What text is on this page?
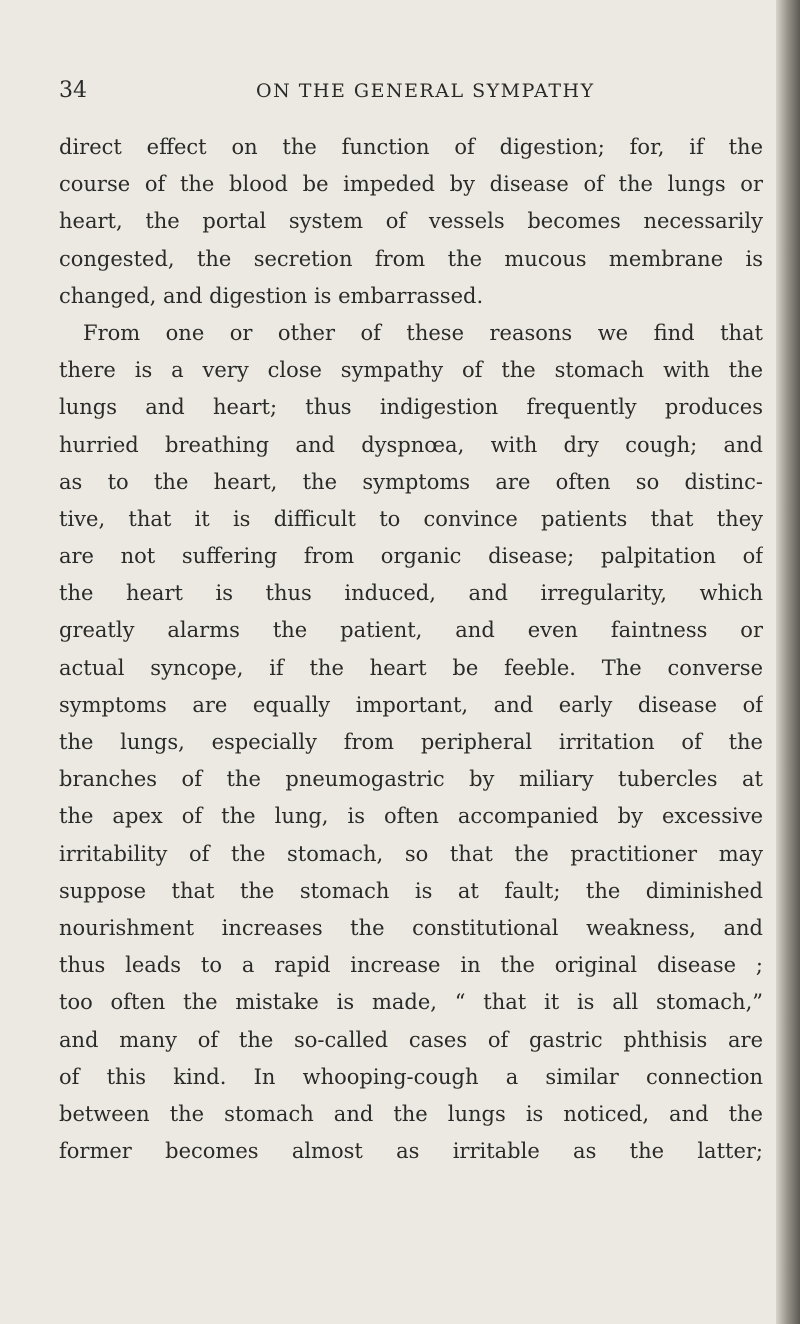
34	ON THE GENERAL SYMPATHY
direct effect on the function of digestion; for, if the
course of the blood be impeded by disease of the lungs or
heart, the portal system of vessels becomes necessarily
congested, the secretion from the mucous membrane is
changed, and digestion is embarrassed.
From one or other of these reasons we find that
there is a very close sympathy of the stomach with the
lungs and heart; thus indigestion frequently produces
hurried breathing and dyspnœa, with dry cough; and
as to the heart, the symptoms are often so distinc-
tive, that it is difficult to convince patients that they
are not suffering from organic disease; palpitation of
the heart is thus induced, and irregularity, which
greatly alarms the patient, and even faintness or
actual syncope, if the heart be feeble. The converse
symptoms are equally important, and early disease of
the lungs, especially from peripheral irritation of the
branches of the pneumogastric by miliary tubercles at
the apex of the lung, is often accompanied by excessive
irritability of the stomach, so that the practitioner may
suppose that the stomach is at fault; the diminished
nourishment increases the constitutional weakness, and
thus leads to a rapid increase in the original disease ;
too often the mistake is made, “ that it is all stomach,”
and many of the so-called cases of gastric phthisis are
of this kind. In whooping-cough a similar connection
between the stomach and the lungs is noticed, and the
former becomes almost as irritable as the latter;
